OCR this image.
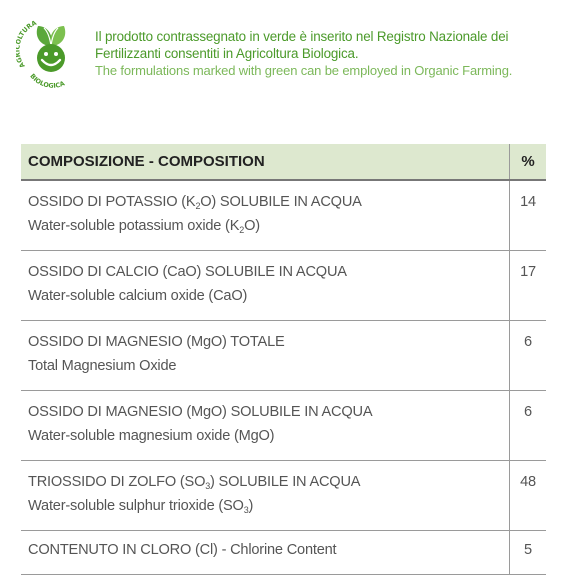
A LTURA
BIOLOGICA
Il prodotto contrassegnato in verde è inserito nel Registro Nazionale dei Fertilizzanti consentiti in Agricoltura Biologica.
The formulations marked with green can be employed in Organic Farming.
COMPOSIZIONE - COMPOSITION	%

OSSIDO DI POTASSIO $(K_2O)$ SOLUBILE IN ACQUA
Water-soluble potassium oxide $(K_2O)$	14

OSSIDO DI CALCIO (CaO) SOLUBILE IN ACQUA
Water-soluble calcium oxide (CaO)	17

OSSIDO DI MAGNESIO (MgO) TOTALE
Total Magnesium Oxide	6

OSSIDO DI MAGNESIO (MgO) SOLUBILE IN ACQUA
Water-soluble magnesium oxide (MgO)	6

TRIOSSIDO DI ZOLFO $(SO_3)$ SOLUBILE IN ACQUA
Water-soluble sulphur trioxide $(SO_3)$	48
CONTENUTO IN CLORO (Cl) - Chlorine Content	5
